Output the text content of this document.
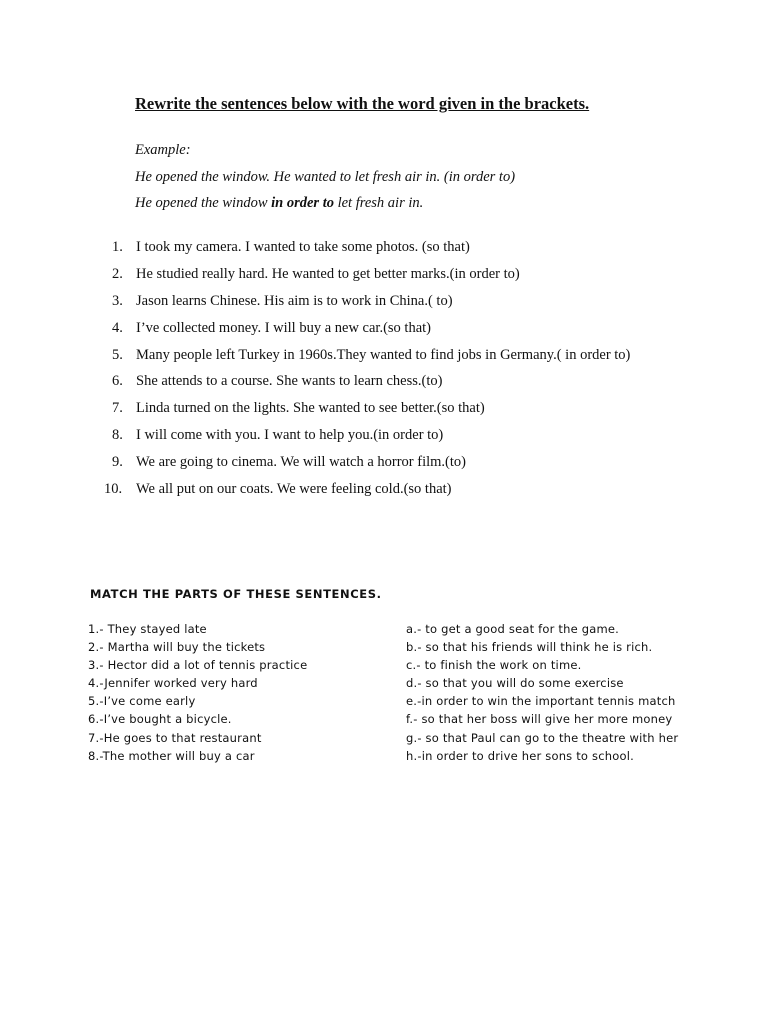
Rewrite the sentences below with the word given in the brackets.
Example:
He opened the window. He wanted to let fresh air in. (in order to)
He opened the window in order to let fresh air in.
1. I took my camera. I wanted to take some photos. (so that)
2. He studied really hard. He wanted to get better marks.(in order to)
3. Jason learns Chinese. His aim is to work in China.( to)
4. I’ve collected money. I will buy a new car.(so that)
5. Many people left Turkey in 1960s.They wanted to find jobs in Germany.( in order to)
6. She attends to a course. She wants to learn chess.(to)
7. Linda turned on the lights. She wanted to see better.(so that)
8. I will come with you. I want to help you.(in order to)
9. We are going to cinema. We will watch a horror film.(to)
10. We all put on our coats. We were feeling cold.(so that)
MATCH THE PARTS OF THESE SENTENCES.
1.- They stayed late
2.- Martha will buy the tickets
3.- Hector did a lot of tennis practice
4.-Jennifer worked very hard
5.-I’ve come early
6.-I’ve bought a bicycle.
7.-He goes to that restaurant
8.-The mother will buy a car
a.- to get a good seat for the game.
b.- so that his friends will think he is rich.
c.- to finish the work on time.
d.- so that you will do some exercise
e.-in order to win the important tennis match
f.- so that her boss will give her more money
g.- so that Paul can go to the theatre with her
h.-in order to drive her sons to school.
